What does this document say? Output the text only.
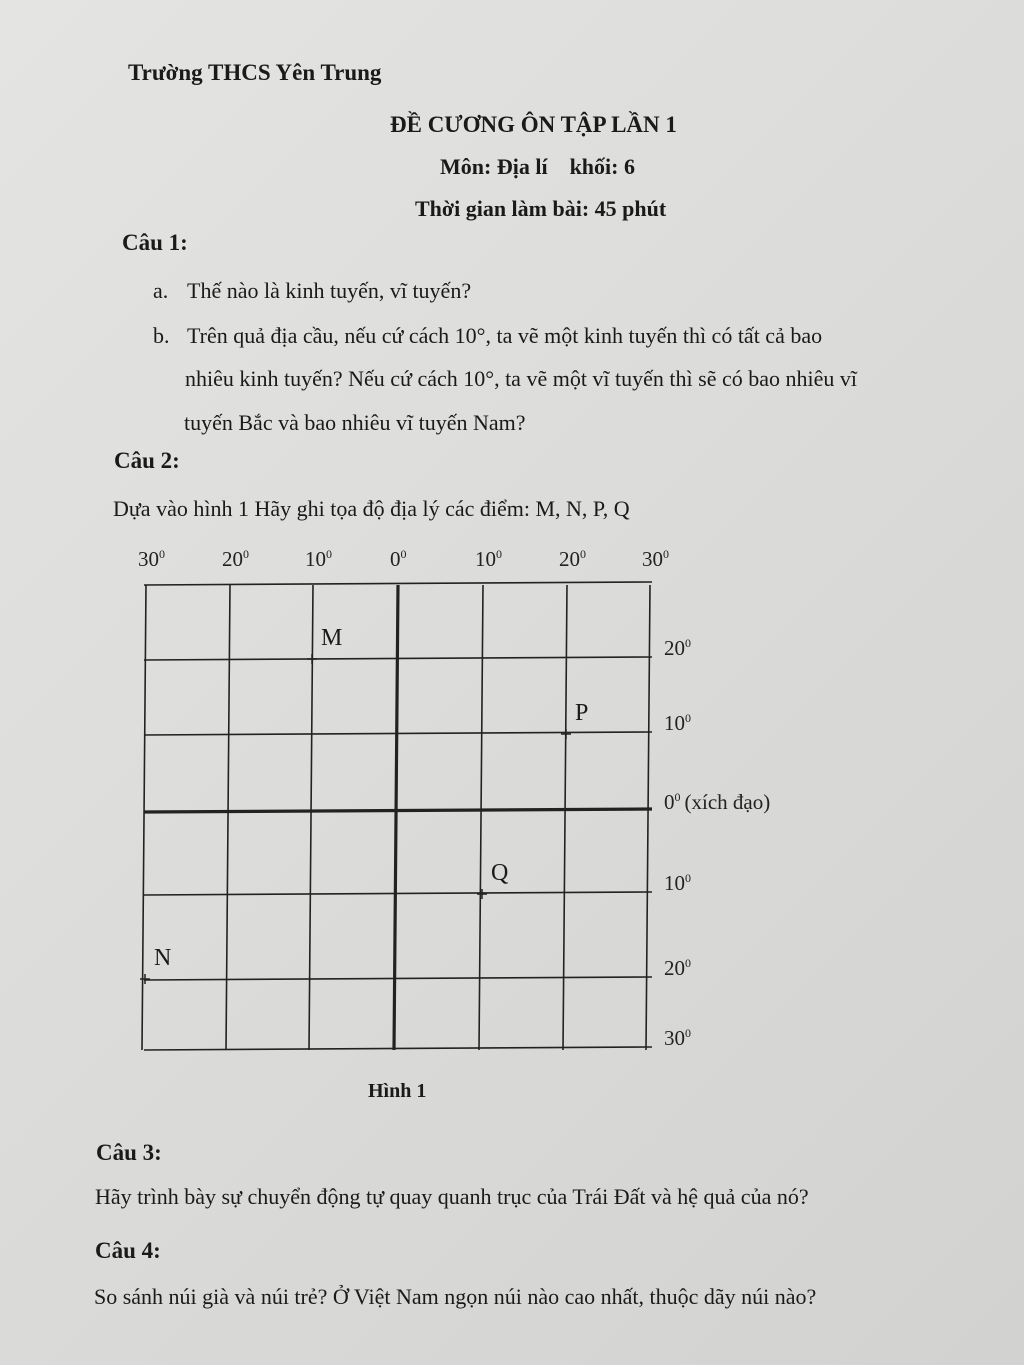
Trường THCS Yên Trung
ĐỀ CƯƠNG ÔN TẬP LẦN 1
Môn: Địa lí khối: 6
Thời gian làm bài: 45 phút
Câu 1:
a. Thế nào là kinh tuyến, vĩ tuyến?
b. Trên quả địa cầu, nếu cứ cách 10°, ta vẽ một kinh tuyến thì có tất cả bao
nhiêu kinh tuyến? Nếu cứ cách 10°, ta vẽ một vĩ tuyến thì sẽ có bao nhiêu vĩ
tuyến Bắc và bao nhiêu vĩ tuyến Nam?
Câu 2:
Dựa vào hình 1 Hãy ghi tọa độ địa lý các điểm: M, N, P, Q
$30^0$	$20^0$	$10^0$	$0^0$	$10^0$	$20^0$	$30^0$
$20^0$
$10^0$
$0^0$ (xích đạo)
$10^0$
$20^0$
$30^0$
M
P
Q
N
Hình 1
Câu 3:
Hãy trình bày sự chuyển động tự quay quanh trục của Trái Đất và hệ quả của nó?
Câu 4:
So sánh núi già và núi trẻ? Ở Việt Nam ngọn núi nào cao nhất, thuộc dãy núi nào?
